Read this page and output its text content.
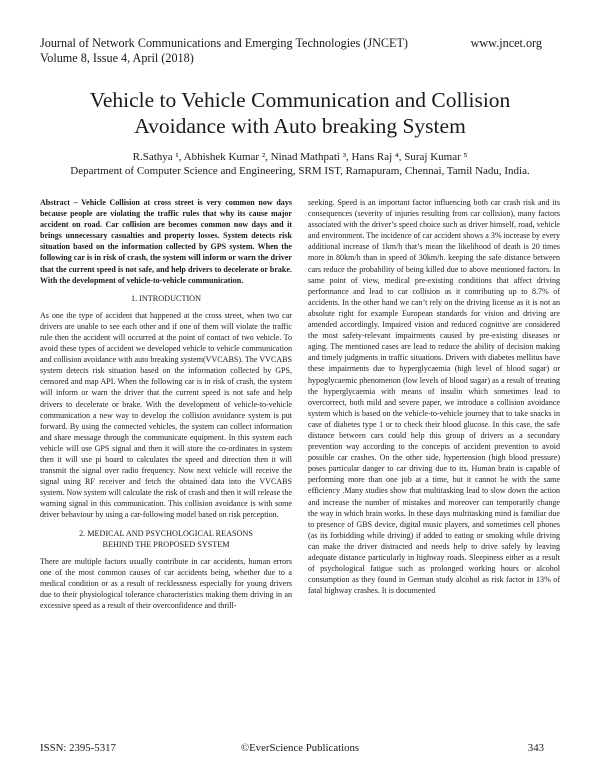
Journal of Network Communications and Emerging Technologies (JNCET)
Volume 8, Issue 4, April (2018)
www.jncet.org
Vehicle to Vehicle Communication and Collision
Avoidance with Auto breaking System
R.Sathya ¹, Abhishek Kumar ², Ninad Mathpati ³, Hans Raj ⁴, Suraj Kumar ⁵
Department of Computer Science and Engineering, SRM IST, Ramapuram, Chennai, Tamil Nadu, India.

Abstract – Vehicle Collision at cross street is very common now days because people are violating the traffic rules that why its cause major accident on road. Car collision are becomes common now days and it brings unnecessary casualties and property losses. System detects risk situation based on the information collected by GPS system. When the following car is in risk of crash, the system will inform or warn the driver that the current speed is not safe, and help drivers to decelerate or brake. With the development of vehicle-to-vehicle communication.

1. INTRODUCTION

As one the type of accident that happened at the cross street, when two car drivers are unable to see each other and if one of them will violate the traffic rule then the accident will occurred at the point of contact of two vehicle. To avoid these types of accident we developed vehicle to vehicle communication and collision avoidance with auto breaking system(VVCABS). The VVCABS system detects risk situation based on the information collected by GPS, censored and map API. When the following car is in risk of crash, the system will inform or warn the driver that the current speed is not safe and help drivers to decelerate or brake. With the development of vehicle-to-vehicle communication a new way to develop the collision avoidance system is put forward. By using the connected vehicles, the system can collect information and share message through the communicate equipment. In this system each vehicle will use GPS signal and then it will store the co-ordinates in system then it will use pi board to calculates the speed and direction then it will transmit the signal over radio frequency. Now next vehicle will receive the signal using RF receiver and fetch the obtained data into the VVCABS system. Now system will calculate the risk of crash and then it will release the warning signal in this communication. This collision avoidance is with some driver behaviour by using a car-following model based on risk perception.

2. MEDICAL AND PSYCHOLOGICAL REASONS
BEHIND THE PROPOSED SYSTEM

There are multiple factors usually contribute in car accidents, human errors one of the most common causes of car accidents being, whether due to a medical condition or as a result of recklessness especially for young drivers due to their physiological tolerance characteristics making them driving in an excessive speed as a result of their overconfidence and thrill-

seeking. Speed is an important factor influencing both car crash risk and its consequences (severity of injuries resulting from car collision), many factors associated with the driver’s speed choice such as driver himself, road, vehicle and environment. The incidence of car accident shows a 3% increase by every additional increase of 1km/h that’s mean the likelihood of death is 20 times more in 80km/h than in speed of 30km/h. keeping the safe distance between cars reduce the probability of being killed due to above mentioned factors. In same point of view, medical pre-existing conditions that affect driving performance and lead to car collision as it contributing up to 8.7% of accidents. In the other hand we can’t rely on the driving license as it is not an absolute right for example European standards for vision and driving are amended accordingly. Impaired vision and reduced cognitive are considered the most safety-relevant impairments caused by pre-existing diseases or aging. The mentioned cases are lead to reduce the ability of decision making and timely judgments in traffic situations. Drivers with diabetes mellitus have these impairments due to hyperglycaemia (high level of blood sugar) or hypoglycaemic phenomenon (low levels of blood sugar) as a result of treating the hyperglycaemia with means of insulin which sometimes lead to overcorrect, both mild and severe paper, we introduce a collision avoidance system which is based on the vehicle-to-vehicle journey that to take snacks in case of diabetes type 1 or to check their blood glucose. In this case, the safe distance between cars could help this group of drivers as a secondary prevention way according to the concepts of accident prevention to avoid possible car crashes. On the other side, hypertension (high blood pressure) poses particular danger to car driving due to its. Human brain is capable of performing more than one job at a time, but it cannot be with the same efficiency .Many studies show that multitasking lead to slow down the action and increase the number of mistakes and moreover can temporarily change the way in which brain works. In these days multitasking mind is familiar due to presence of GBS device, digital music players, and sometimes cell phones (as its forbidding while driving) if added to eating or smoking while driving can make the driver distracted and needs help to drive safely by leaving adequate distance particularly in highway roads. Sleepiness either as a result of psychological fatigue such as prolonged working hours or alcohol consumption as they found in German study alcohol as risk factor in 13% of fatal highway crashes. It is documented

ISSN: 2395-5317	©EverScience Publications	343
